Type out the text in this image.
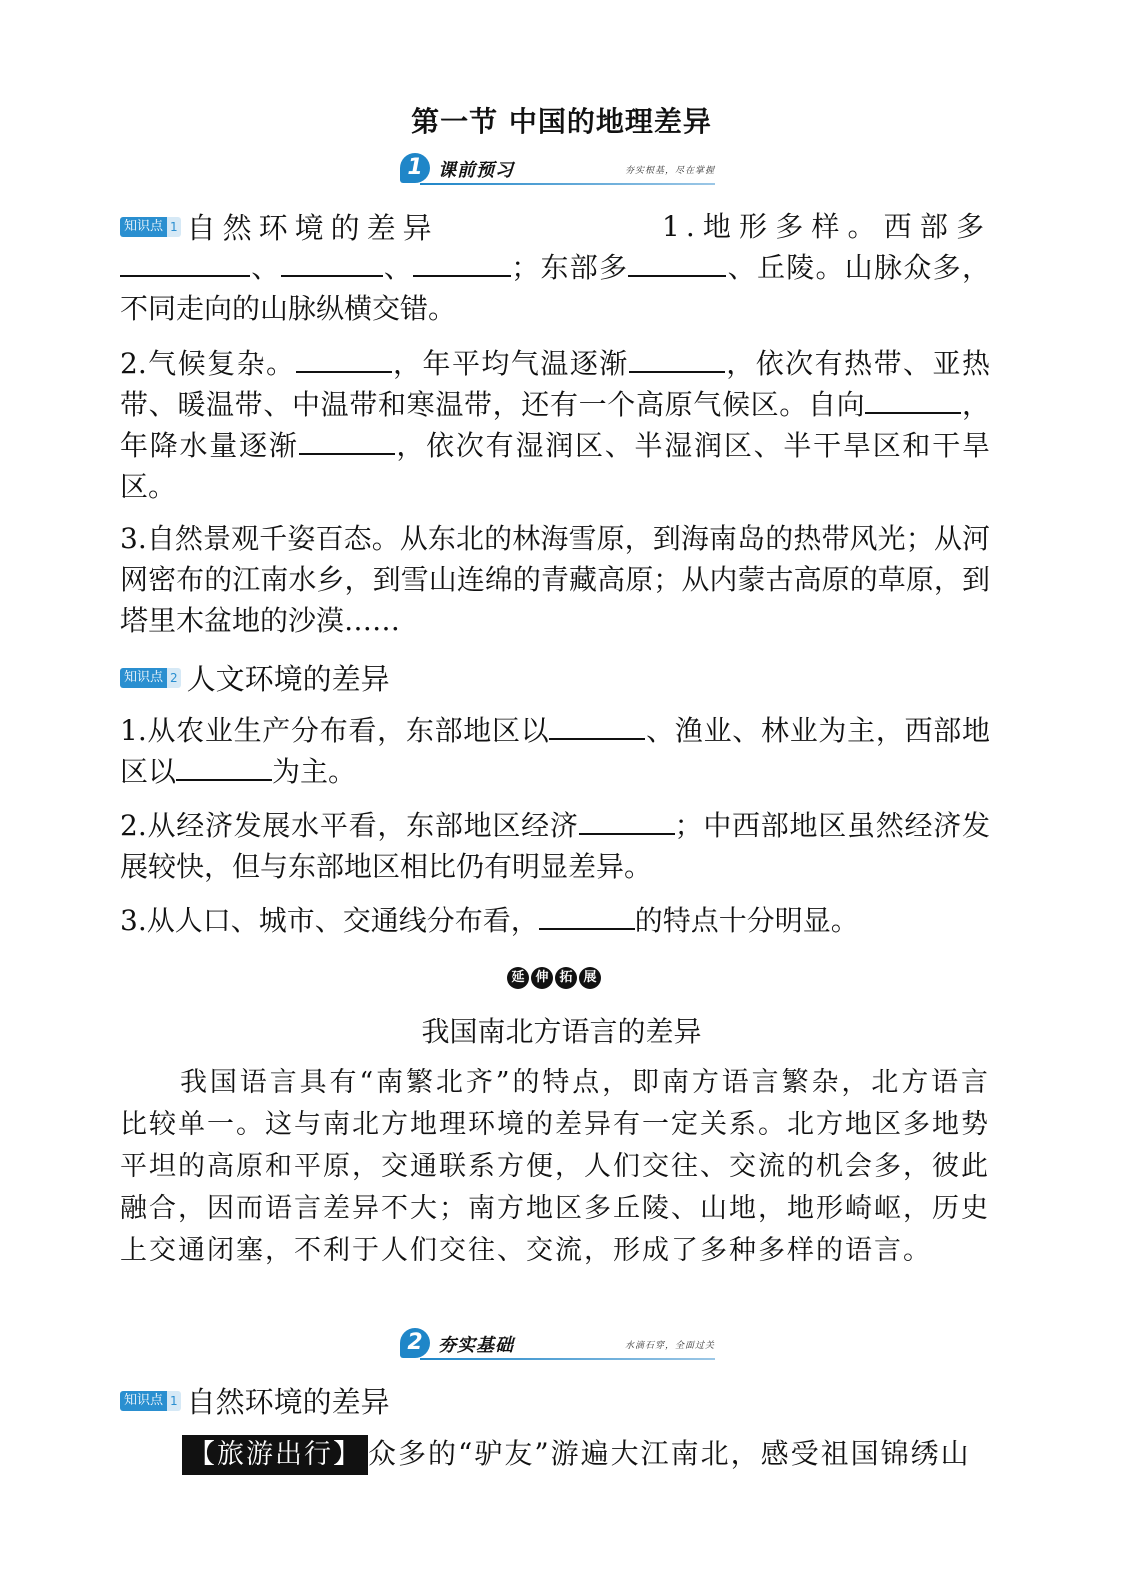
第一节 中国的地理差异
1 课前预习	夯实根基，尽在掌握
知识点 1 自然环境的差异	1.地形多样。西部多、	、	；东部多	、丘陵。山脉众多，不同走向的山脉纵横交错。
2.气候复杂。	，年平均气温逐渐	，依次有热带、亚热带、暖温带、中温带和寒温带，还有一个高原气候区。自向	，年降水量逐渐	，依次有湿润区、半湿润区、半干旱区和干旱区。
3.自然景观千姿百态。从东北的林海雪原，到海南岛的热带风光；从河网密布的江南水乡，到雪山连绵的青藏高原；从内蒙古高原的草原，到塔里木盆地的沙漠……
知识点 2 人文环境的差异
1.从农业生产分布看，东部地区以	、渔业、林业为主，西部地区以	为主。
2.从经济发展水平看，东部地区经济	；中西部地区虽然经济发展较快，但与东部地区相比仍有明显差异。
3.从人口、城市、交通线分布看，	的特点十分明显。
延 伸 拓 展
我国南北方语言的差异
我国语言具有“南繁北齐”的特点，即南方语言繁杂，北方语言比较单一。这与南北方地理环境的差异有一定关系。北方地区多地势平坦的高原和平原，交通联系方便，人们交往、交流的机会多，彼此融合，因而语言差异不大；南方地区多丘陵、山地，地形崎岖，历史上交通闭塞，不利于人们交往、交流，形成了多种多样的语言。
2 夯实基础	水滴石穿，全面过关
知识点 1 自然环境的差异
【旅游出行】 众多的“驴友”游遍大江南北，感受祖国锦绣山
